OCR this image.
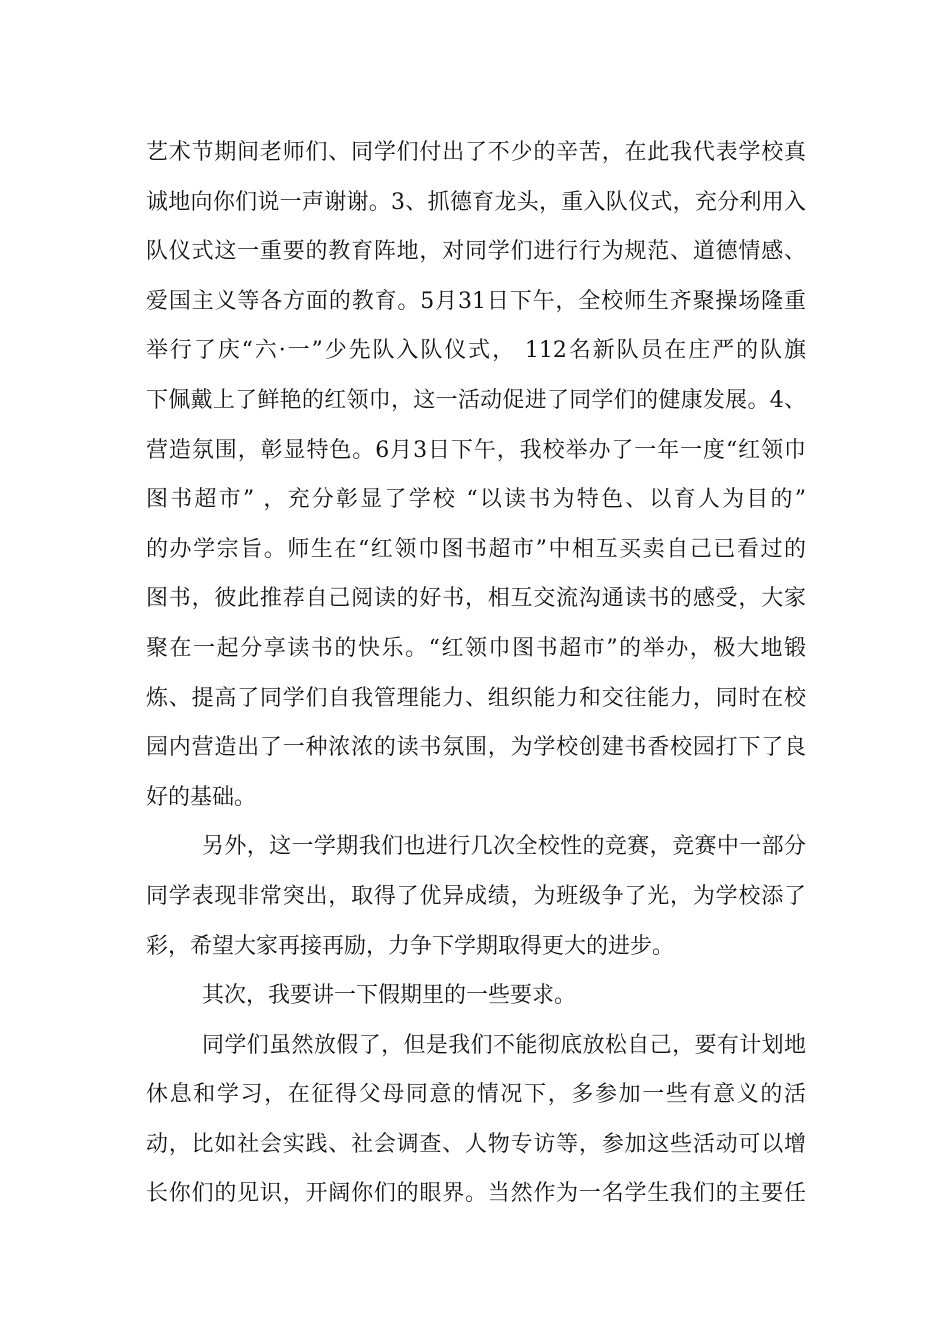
艺术节期间老师们、同学们付出了不少的辛苦，在此我代表学校真
诚地向你们说一声谢谢。3、抓德育龙头，重入队仪式，充分利用入
队仪式这一重要的教育阵地，对同学们进行行为规范、道德情感、
爱国主义等各方面的教育。5月31日下午，全校师生齐聚操场隆重
举行了庆“六·一”少先队入队仪式， 112名新队员在庄严的队旗
下佩戴上了鲜艳的红领巾，这一活动促进了同学们的健康发展。4、
营造氛围，彰显特色。6月3日下午，我校举办了一年一度“红领巾
图书超市” ，充分彰显了学校 “以读书为特色、以育人为目的”
的办学宗旨。师生在“红领巾图书超市”中相互买卖自己已看过的
图书，彼此推荐自己阅读的好书，相互交流沟通读书的感受，大家
聚在一起分享读书的快乐。“红领巾图书超市”的举办，极大地锻
炼、提高了同学们自我管理能力、组织能力和交往能力，同时在校
园内营造出了一种浓浓的读书氛围，为学校创建书香校园打下了良
好的基础。
另外，这一学期我们也进行几次全校性的竞赛，竞赛中一部分
同学表现非常突出，取得了优异成绩，为班级争了光，为学校添了
彩，希望大家再接再励，力争下学期取得更大的进步。
其次，我要讲一下假期里的一些要求。
同学们虽然放假了，但是我们不能彻底放松自己，要有计划地
休息和学习，在征得父母同意的情况下，多参加一些有意义的活
动，比如社会实践、社会调查、人物专访等，参加这些活动可以增
长你们的见识，开阔你们的眼界。当然作为一名学生我们的主要任
